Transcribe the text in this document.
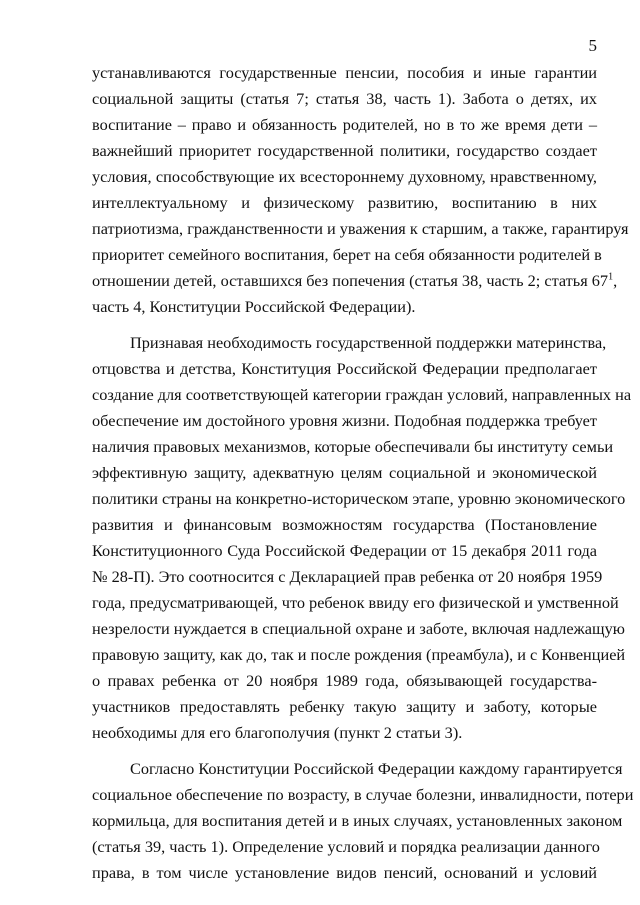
5
устанавливаются государственные пенсии, пособия и иные гарантии
социальной защиты (статья 7; статья 38, часть 1). Забота о детях, их
воспитание – право и обязанность родителей, но в то же время дети –
важнейший приоритет государственной политики, государство создает
условия, способствующие их всестороннему духовному, нравственному,
интеллектуальному и физическому развитию, воспитанию в них
патриотизма, гражданственности и уважения к старшим, а также, гарантируя
приоритет семейного воспитания, берет на себя обязанности родителей в
отношении детей, оставшихся без попечения (статья 38, часть 2; статья $67^1$,
часть 4, Конституции Российской Федерации).
Признавая необходимость государственной поддержки материнства,
отцовства и детства, Конституция Российской Федерации предполагает
создание для соответствующей категории граждан условий, направленных на
обеспечение им достойного уровня жизни. Подобная поддержка требует
наличия правовых механизмов, которые обеспечивали бы институту семьи
эффективную защиту, адекватную целям социальной и экономической
политики страны на конкретно-историческом этапе, уровню экономического
развития и финансовым возможностям государства (Постановление
Конституционного Суда Российской Федерации от 15 декабря 2011 года
№ 28-П). Это соотносится с Декларацией прав ребенка от 20 ноября 1959
года, предусматривающей, что ребенок ввиду его физической и умственной
незрелости нуждается в специальной охране и заботе, включая надлежащую
правовую защиту, как до, так и после рождения (преамбула), и с Конвенцией
о правах ребенка от 20 ноября 1989 года, обязывающей государства-
участников предоставлять ребенку такую защиту и заботу, которые
необходимы для его благополучия (пункт 2 статьи 3).
Согласно Конституции Российской Федерации каждому гарантируется
социальное обеспечение по возрасту, в случае болезни, инвалидности, потери
кормильца, для воспитания детей и в иных случаях, установленных законом
(статья 39, часть 1). Определение условий и порядка реализации данного
права, в том числе установление видов пенсий, оснований и условий
